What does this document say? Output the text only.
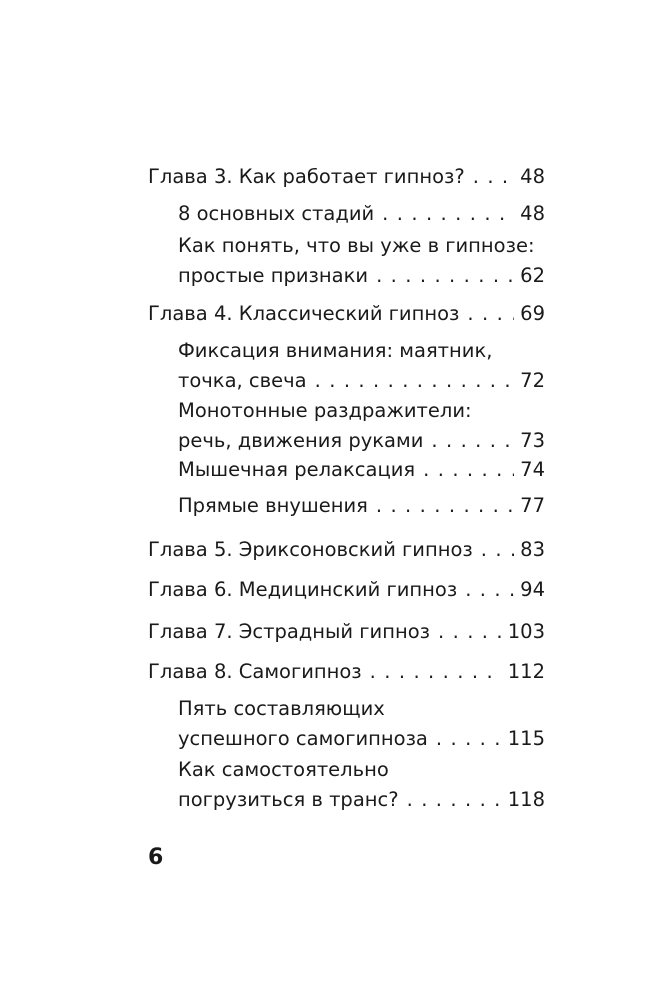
Глава 3. Как работает гипноз? . . .	48
8 основных стадий . . .	48
Как понять, что вы уже в гипнозе:
простые признаки . . .	62
Глава 4. Классический гипноз . . .	69
Фиксация внимания: маятник,
точка, свеча . . .	72
Монотонные раздражители:
речь, движения руками . . .	73
Мышечная релаксация . . .	74
Прямые внушения . . .	77
Глава 5. Эриксоновский гипноз . . . 83
Глава 6. Медицинский гипноз . . .	94
Глава 7. Эстрадный гипноз . . .	103
Глава 8. Самогипноз . . .	112
Пять составляющих
успешного самогипноза . . .	115
Как самостоятельно
погрузиться в транс? . . .	118
6
